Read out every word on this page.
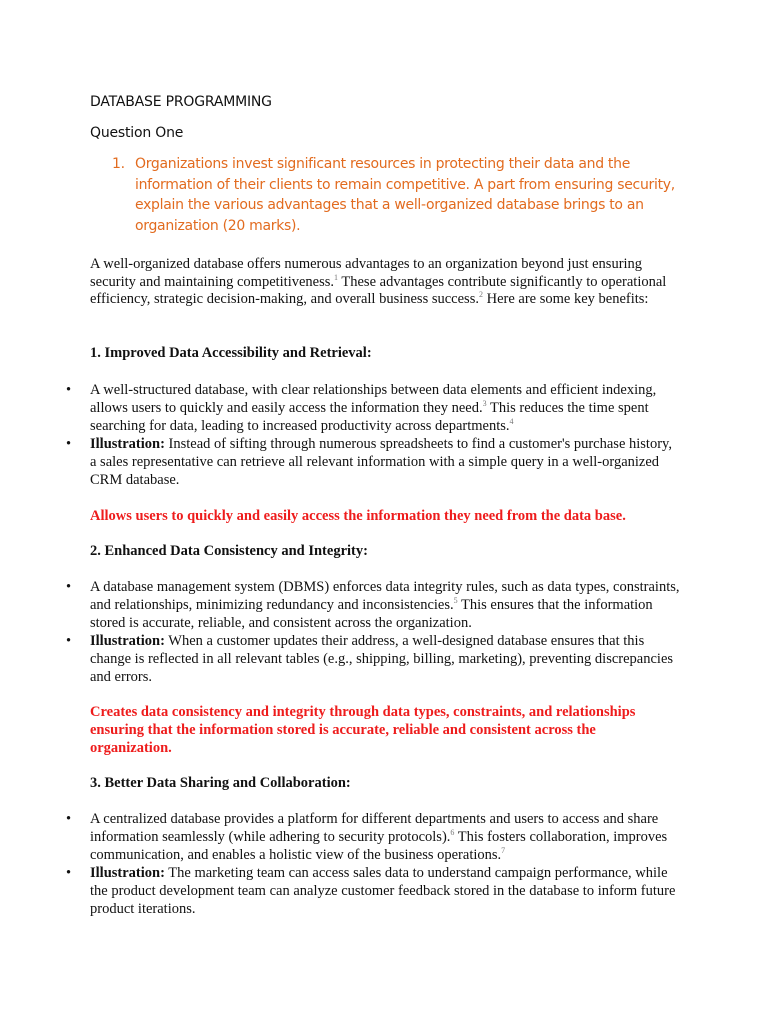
DATABASE PROGRAMMING
Question One
1. Organizations invest significant resources in protecting their data and the information of their clients to remain competitive. A part from ensuring security, explain the various advantages that a well-organized database brings to an organization (20 marks).
A well-organized database offers numerous advantages to an organization beyond just ensuring security and maintaining competitiveness.$^1$ These advantages contribute significantly to operational efficiency, strategic decision-making, and overall business success.$^2$ Here are some key benefits:
1. Improved Data Accessibility and Retrieval:
• A well-structured database, with clear relationships between data elements and efficient indexing, allows users to quickly and easily access the information they need.$^3$ This reduces the time spent searching for data, leading to increased productivity across departments.$^4$
• Illustration: Instead of sifting through numerous spreadsheets to find a customer's purchase history, a sales representative can retrieve all relevant information with a simple query in a well-organized CRM database.
Allows users to quickly and easily access the information they need from the data base.
2. Enhanced Data Consistency and Integrity:
• A database management system (DBMS) enforces data integrity rules, such as data types, constraints, and relationships, minimizing redundancy and inconsistencies.$^5$ This ensures that the information stored is accurate, reliable, and consistent across the organization.
• Illustration: When a customer updates their address, a well-designed database ensures that this change is reflected in all relevant tables (e.g., shipping, billing, marketing), preventing discrepancies and errors.
Creates data consistency and integrity through data types, constraints, and relationships ensuring that the information stored is accurate, reliable and consistent across the organization.
3. Better Data Sharing and Collaboration:
• A centralized database provides a platform for different departments and users to access and share information seamlessly (while adhering to security protocols).$^6$ This fosters collaboration, improves communication, and enables a holistic view of the business operations.$^7$
• Illustration: The marketing team can access sales data to understand campaign performance, while the product development team can analyze customer feedback stored in the database to inform future product iterations.
